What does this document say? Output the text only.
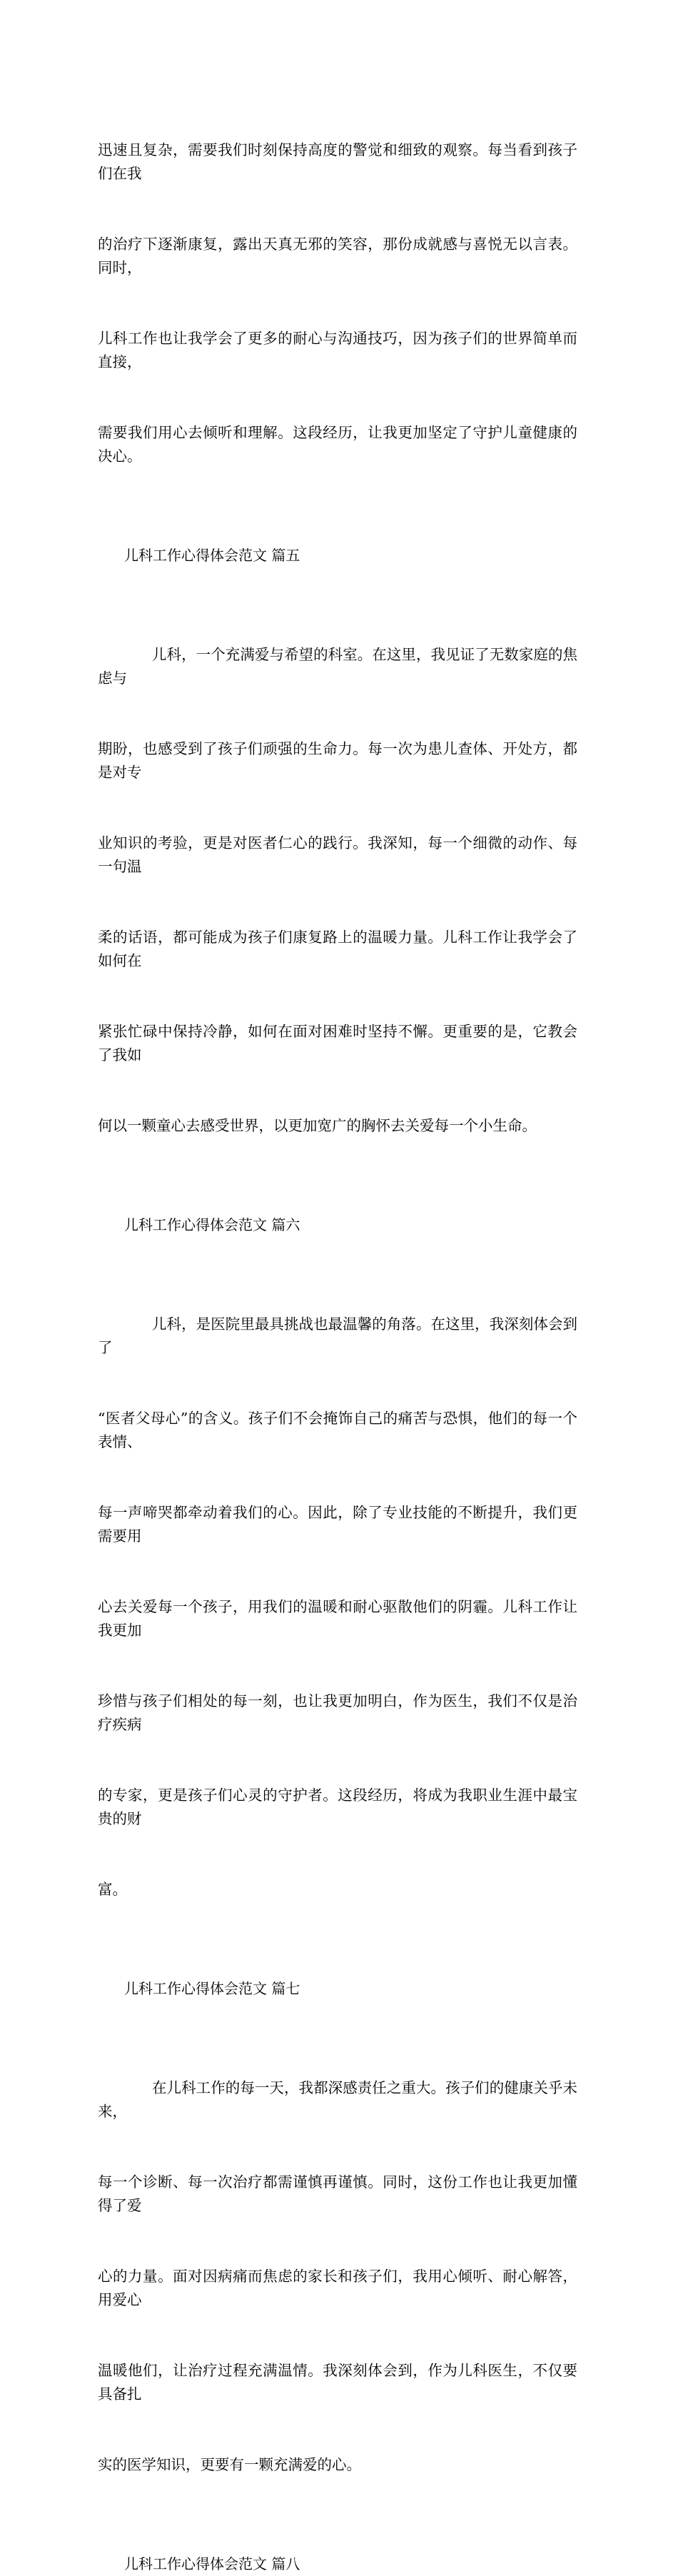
迅速且复杂，需要我们时刻保持高度的警觉和细致的观察。每当看到孩子们在我

的治疗下逐渐康复，露出天真无邪的笑容，那份成就感与喜悦无以言表。同时，

儿科工作也让我学会了更多的耐心与沟通技巧，因为孩子们的世界简单而直接，

需要我们用心去倾听和理解。这段经历，让我更加坚定了守护儿童健康的决心。

儿科工作心得体会范文 篇五

儿科，一个充满爱与希望的科室。在这里，我见证了无数家庭的焦虑与

期盼，也感受到了孩子们顽强的生命力。每一次为患儿查体、开处方，都是对专

业知识的考验，更是对医者仁心的践行。我深知，每一个细微的动作、每一句温

柔的话语，都可能成为孩子们康复路上的温暖力量。儿科工作让我学会了如何在

紧张忙碌中保持冷静，如何在面对困难时坚持不懈。更重要的是，它教会了我如

何以一颗童心去感受世界，以更加宽广的胸怀去关爱每一个小生命。

儿科工作心得体会范文 篇六

儿科，是医院里最具挑战也最温馨的角落。在这里，我深刻体会到了

“医者父母心”的含义。孩子们不会掩饰自己的痛苦与恐惧，他们的每一个表情、

每一声啼哭都牵动着我们的心。因此，除了专业技能的不断提升，我们更需要用

心去关爱每一个孩子，用我们的温暖和耐心驱散他们的阴霾。儿科工作让我更加

珍惜与孩子们相处的每一刻，也让我更加明白，作为医生，我们不仅是治疗疾病

的专家，更是孩子们心灵的守护者。这段经历，将成为我职业生涯中最宝贵的财

富。

儿科工作心得体会范文 篇七

在儿科工作的每一天，我都深感责任之重大。孩子们的健康关乎未来，

每一个诊断、每一次治疗都需谨慎再谨慎。同时，这份工作也让我更加懂得了爱

心的力量。面对因病痛而焦虑的家长和孩子们，我用心倾听、耐心解答，用爱心

温暖他们，让治疗过程充满温情。我深刻体会到，作为儿科医生，不仅要具备扎

实的医学知识，更要有一颗充满爱的心。

儿科工作心得体会范文 篇八
